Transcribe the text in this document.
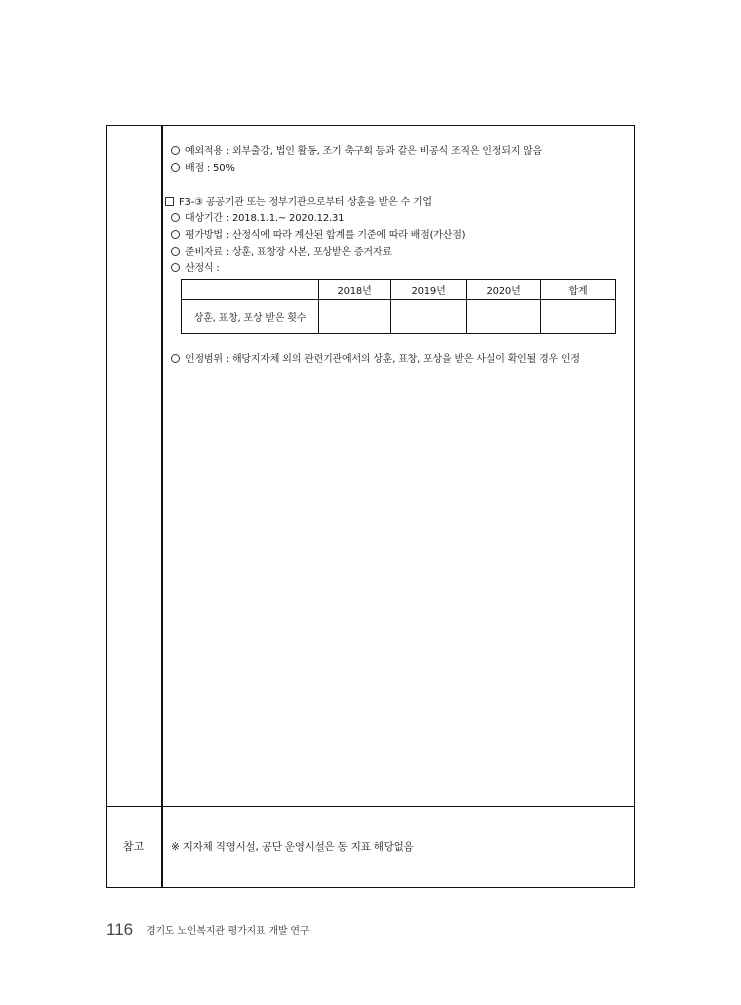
예외적용 : 외부출강, 법인 활동, 조기 축구회 등과 같은 비공식 조직은 인정되지 않음
배점 : 50%
F3-③ 공공기관 또는 정부기관으로부터 상훈을 받은 수 기업
대상기간 : 2018.1.1.~ 2020.12.31
평가방법 : 산정식에 따라 계산된 합계를 기준에 따라 배점(가산점)
준비자료 : 상훈, 표창장 사본, 포상받은 증거자료
산정식 :
	2018년	2019년	2020년	합계
상훈, 표창, 포상 받은 횟수				
인정범위 : 해당지자체 외의 관련기관에서의 상훈, 표창, 포상을 받은 사실이 확인될 경우 인정
참고	※ 지자체 직영시설, 공단 운영시설은 동 지표 해당없음
116 경기도 노인복지관 평가지표 개발 연구
